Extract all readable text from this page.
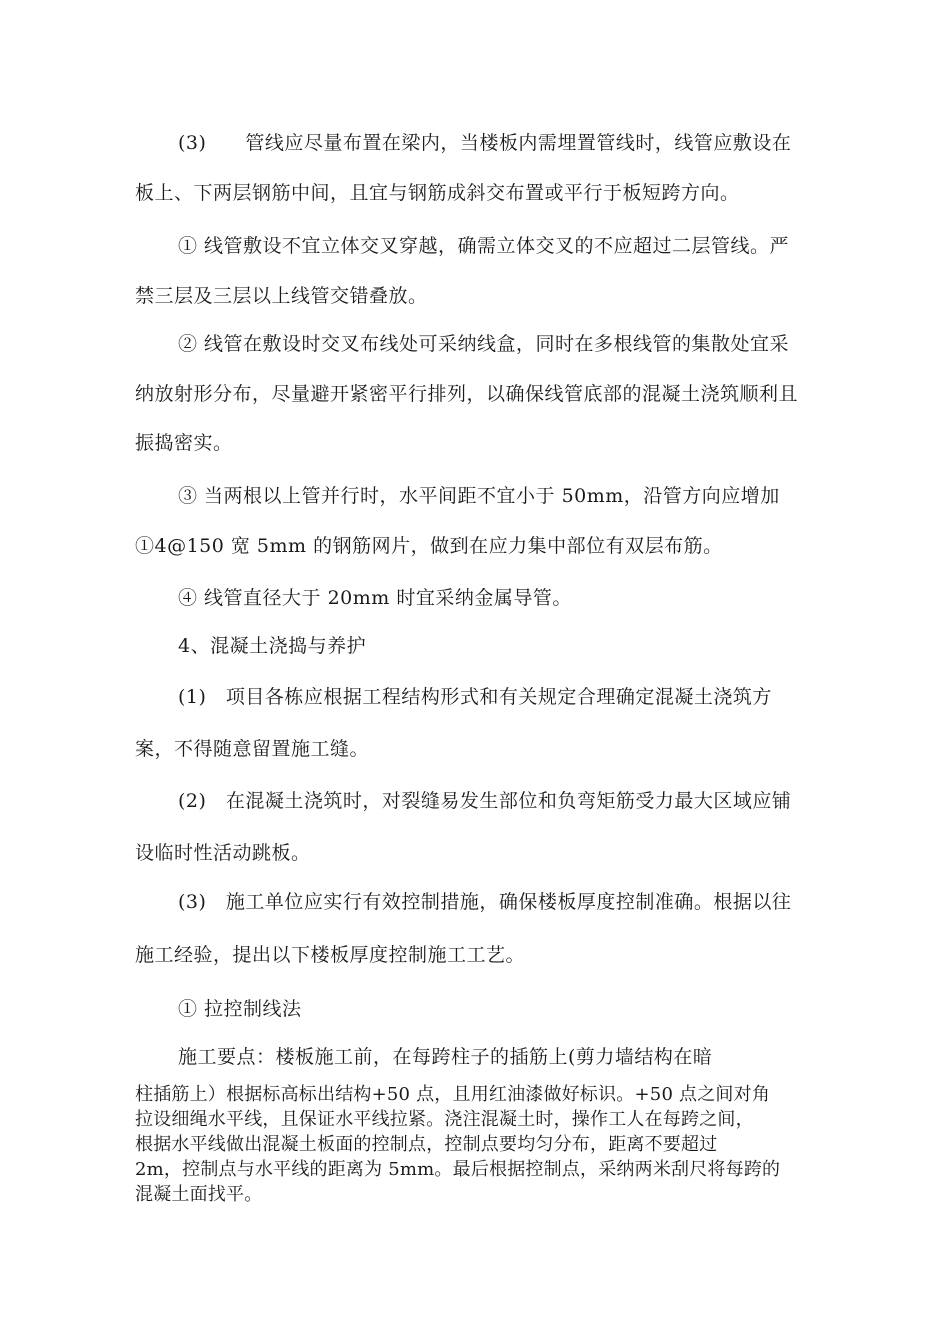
(3)　　管线应尽量布置在梁内，当楼板内需埋置管线时，线管应敷设在
板上、下两层钢筋中间，且宜与钢筋成斜交布置或平行于板短跨方向。
① 线管敷设不宜立体交叉穿越，确需立体交叉的不应超过二层管线。严
禁三层及三层以上线管交错叠放。
② 线管在敷设时交叉布线处可采纳线盒，同时在多根线管的集散处宜采
纳放射形分布，尽量避开紧密平行排列，以确保线管底部的混凝土浇筑顺利且
振捣密实。
③ 当两根以上管并行时，水平间距不宜小于 50mm，沿管方向应增加
①4@150 宽 5mm 的钢筋网片，做到在应力集中部位有双层布筋。
④ 线管直径大于 20mm 时宜采纳金属导管。
4、混凝土浇捣与养护
(1)　项目各栋应根据工程结构形式和有关规定合理确定混凝土浇筑方
案，不得随意留置施工缝。
(2)　在混凝土浇筑时，对裂缝易发生部位和负弯矩筋受力最大区域应铺
设临时性活动跳板。
(3)　施工单位应实行有效控制措施，确保楼板厚度控制准确。根据以往
施工经验，提出以下楼板厚度控制施工工艺。
① 拉控制线法
施工要点：楼板施工前，在每跨柱子的插筋上(剪力墙结构在暗
柱插筋上）根据标高标出结构+50 点，且用红油漆做好标识。+50 点之间对角
拉设细绳水平线，且保证水平线拉紧。浇注混凝土时，操作工人在每跨之间，
根据水平线做出混凝土板面的控制点，控制点要均匀分布，距离不要超过
2m，控制点与水平线的距离为 5mm。最后根据控制点，采纳两米刮尺将每跨的
混凝土面找平。
